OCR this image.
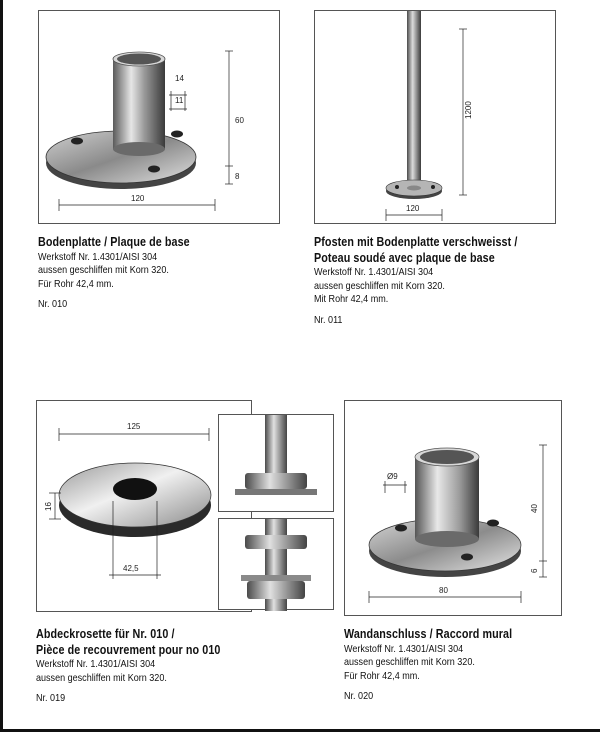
14
11
60
8
120
Bodenplatte / Plaque de base
Werkstoff Nr. 1.4301/AISI 304
aussen geschliffen mit Korn 320.
Für Rohr 42,4 mm.
Nr. 010
1200
120
Pfosten mit Bodenplatte verschweisst /
Poteau soudé avec plaque de base
Werkstoff Nr. 1.4301/AISI 304
aussen geschliffen mit Korn 320.
Mit Rohr 42,4 mm.
Nr. 011
125
16
42,5
Abdeckrosette für Nr. 010 /
Pièce de recouvrement pour no 010
Werkstoff Nr. 1.4301/AISI 304
aussen geschliffen mit Korn 320.
Nr. 019
Ø9
40
6
80
Wandanschluss / Raccord mural
Werkstoff Nr. 1.4301/AISI 304
aussen geschliffen mit Korn 320.
Für Rohr 42,4 mm.
Nr. 020
